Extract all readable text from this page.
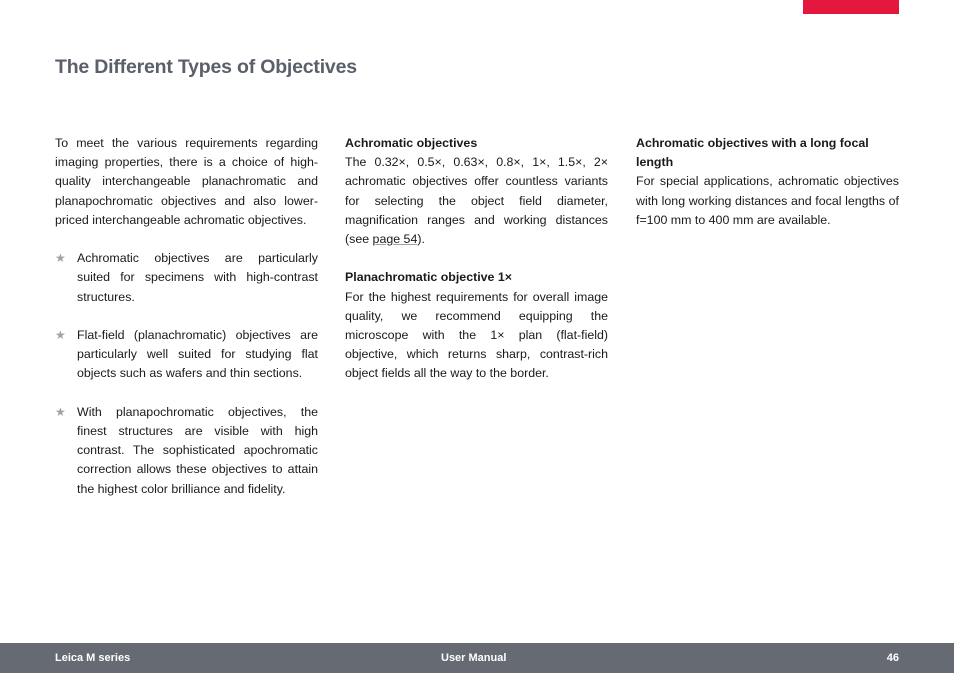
The Different Types of Objectives

To meet the various requirements regarding imaging properties, there is a choice of high-quality interchangeable planachromatic and planapochromatic objectives and also lower-priced interchangeable achromatic objectives.

★ Achromatic objectives are particularly suited for specimens with high-contrast structures.
★ Flat-field (planachromatic) objectives are particularly well suited for studying flat objects such as wafers and thin sections.
★ With planapochromatic objectives, the finest structures are visible with high contrast. The sophisticated apochromatic correction allows these objectives to attain the highest color brilliance and fidelity.
Achromatic objectives

The 0.32×, 0.5×, 0.63×, 0.8×, 1×, 1.5×, 2× achromatic objectives offer countless variants for selecting the object field diameter, magnification ranges and working distances (see page 54).

Planachromatic objective 1×

For the highest requirements for overall image quality, we recommend equipping the microscope with the 1× plan (flat-field) objective, which returns sharp, contrast-rich object fields all the way to the border.

Achromatic objectives with a long focal length

For special applications, achromatic objectives with long working distances and focal lengths of f=100 mm to 400 mm are available.

Leica M series	User Manual	46
